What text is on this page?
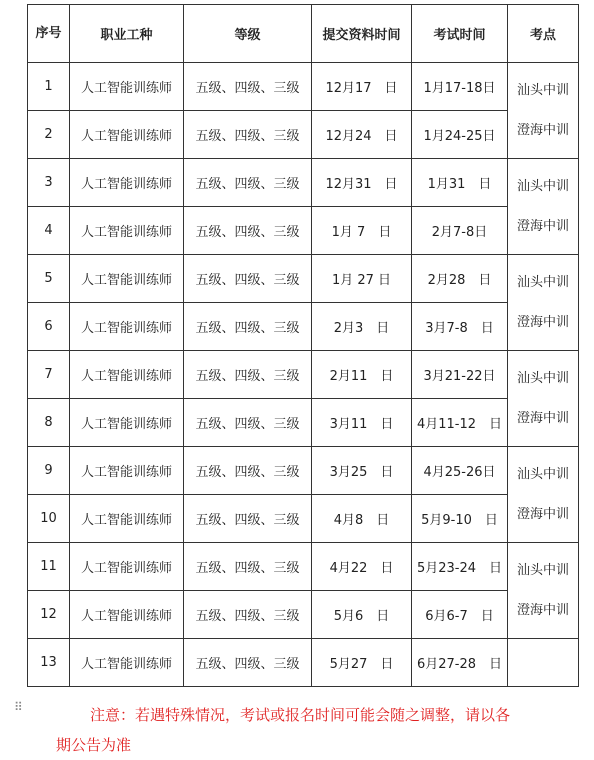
序号	职业工种	等级	提交资料时间	考试时间	考点
1	人工智能训练师	五级、四级、三级	12月17　日	1月17-18日	汕头中训
澄海中训

2	人工智能训练师	五级、四级、三级	12月24　日	1月24-25日	
3	人工智能训练师	五级、四级、三级	12月31　日	1月31　日	汕头中训
澄海中训

4	人工智能训练师	五级、四级、三级	1月 7　日	2月7-8日	
5	人工智能训练师	五级、四级、三级	1月 27 日	2月28　日	汕头中训
澄海中训

6	人工智能训练师	五级、四级、三级	2月3　日	3月7-8　日	
7	人工智能训练师	五级、四级、三级	2月11　日	3月21-22日	汕头中训
澄海中训

8	人工智能训练师	五级、四级、三级	3月11　日	4月11-12　日	
9	人工智能训练师	五级、四级、三级	3月25　日	4月25-26日	汕头中训
澄海中训

10	人工智能训练师	五级、四级、三级	4月8　日	5月9-10　日	
11	人工智能训练师	五级、四级、三级	4月22　日	5月23-24　日	汕头中训
澄海中训

12	人工智能训练师	五级、四级、三级	5月6　日	6月6-7　日	
13	人工智能训练师	五级、四级、三级	5月27　日	6月27-28　日	
⠿	注意：若遇特殊情况，考试或报名时间可能会随之调整，请以各
期公告为准
